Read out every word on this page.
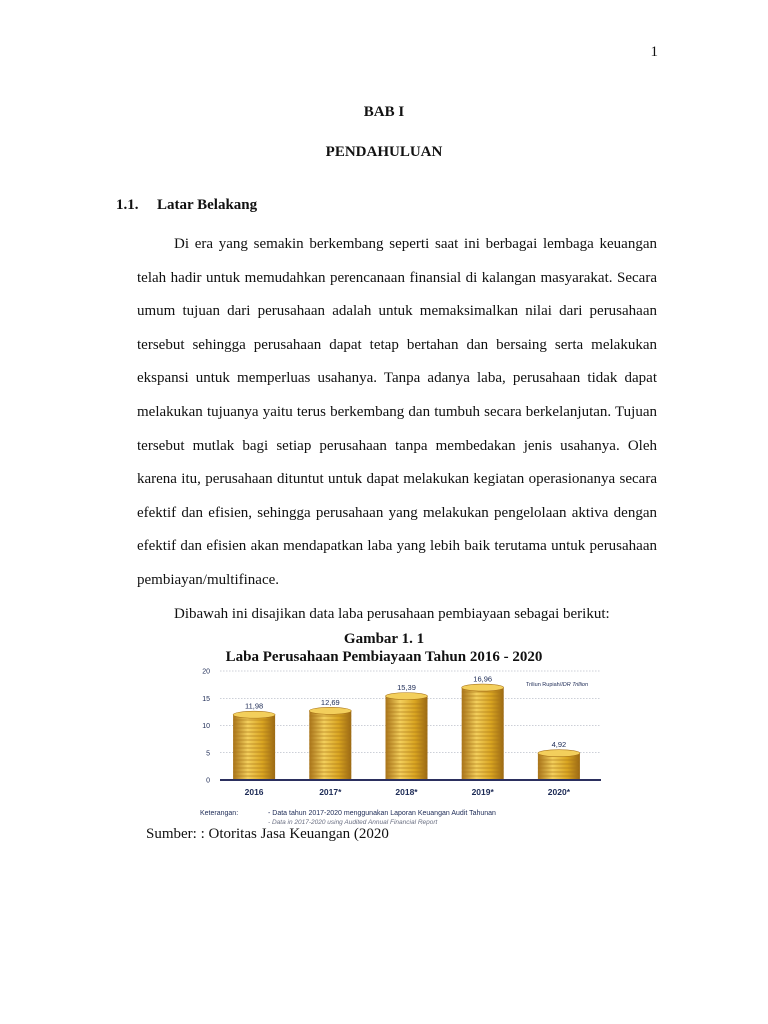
1
BAB I
PENDAHULUAN
1.1. Latar Belakang

Di era yang semakin berkembang seperti saat ini berbagai lembaga keuangan telah hadir untuk memudahkan perencanaan finansial di kalangan masyarakat. Secara umum tujuan dari perusahaan adalah untuk memaksimalkan nilai dari perusahaan tersebut sehingga perusahaan dapat tetap bertahan dan bersaing serta melakukan ekspansi untuk memperluas usahanya. Tanpa adanya laba, perusahaan tidak dapat melakukan tujuanya yaitu terus berkembang dan tumbuh secara berkelanjutan. Tujuan tersebut mutlak bagi setiap perusahaan tanpa membedakan jenis usahanya. Oleh karena itu, perusahaan dituntut untuk dapat melakukan kegiatan operasionanya secara efektif dan efisien, sehingga perusahaan yang melakukan pengelolaan aktiva dengan efektif dan efisien akan mendapatkan laba yang lebih baik terutama untuk perusahaan pembiayan/multifinace.

Dibawah ini disajikan data laba perusahaan pembiayaan sebagai berikut:

Gambar 1. 1
Laba Perusahaan Pembiayaan Tahun 2016 - 2020
0
5
10
15
20
11,98
2016
12,69
2017*
15,39
2018*
16,96
2019*
4,92
2020*
Triliun Rupiah/IDR Trillion
Keterangan:	- Data tahun 2017-2020 menggunakan Laporan Keuangan Audit Tahunan
- Data in 2017-2020 using Audited Annual Financial Report
Sumber: : Otoritas Jasa Keuangan (2020
